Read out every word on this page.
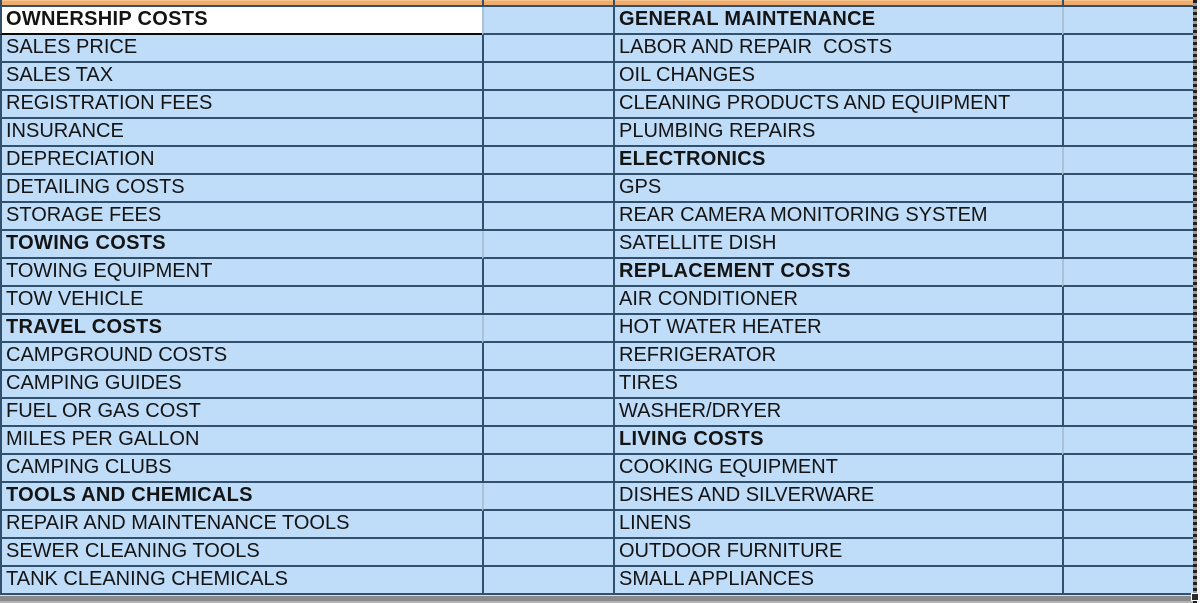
OWNERSHIP COSTS	GENERAL MAINTENANCE
SALES PRICE	LABOR AND REPAIR  COSTS
SALES TAX	OIL CHANGES
REGISTRATION FEES	CLEANING PRODUCTS AND EQUIPMENT
INSURANCE	PLUMBING REPAIRS
DEPRECIATION	ELECTRONICS
DETAILING COSTS	GPS
STORAGE FEES	REAR CAMERA MONITORING SYSTEM
TOWING COSTS	SATELLITE DISH
TOWING EQUIPMENT	REPLACEMENT COSTS
TOW VEHICLE	AIR CONDITIONER
TRAVEL COSTS	HOT WATER HEATER
CAMPGROUND COSTS	REFRIGERATOR
CAMPING GUIDES	TIRES
FUEL OR GAS COST	WASHER/DRYER
MILES PER GALLON	LIVING COSTS
CAMPING CLUBS	COOKING EQUIPMENT
TOOLS AND CHEMICALS	DISHES AND SILVERWARE
REPAIR AND MAINTENANCE TOOLS	LINENS
SEWER CLEANING TOOLS	OUTDOOR FURNITURE
TANK CLEANING CHEMICALS	SMALL APPLIANCES
